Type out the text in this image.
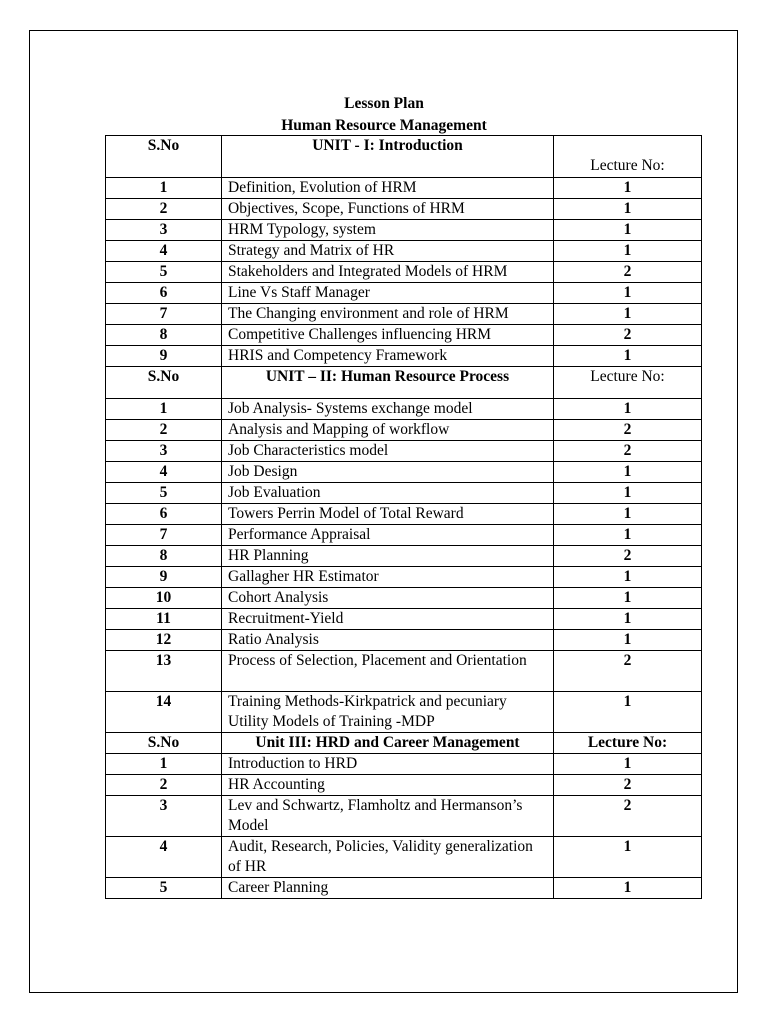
Lesson Plan
Human Resource Management
S.No	UNIT - I: Introduction	Lecture No:
1	Definition, Evolution of HRM	1
2	Objectives, Scope, Functions of HRM	1
3	HRM Typology, system	1
4	Strategy and Matrix of HR	1
5	Stakeholders and Integrated Models of HRM	2
6	Line Vs Staff Manager	1
7	The Changing environment and role of HRM	1
8	Competitive Challenges influencing HRM	2
9	HRIS and Competency Framework	1
S.No	UNIT – II: Human Resource Process	Lecture No:
1	Job Analysis- Systems exchange model	1
2	Analysis and Mapping of workflow	2
3	Job Characteristics model	2
4	Job Design	1
5	Job Evaluation	1
6	Towers Perrin Model of Total Reward	1
7	Performance Appraisal	1
8	HR Planning	2
9	Gallagher HR Estimator	1
10	Cohort Analysis	1
11	Recruitment-Yield	1
12	Ratio Analysis	1
13	Process of Selection, Placement and Orientation	2
14	Training Methods-Kirkpatrick and pecuniary Utility Models of Training -MDP	1
S.No	Unit III: HRD and Career Management	Lecture No:
1	Introduction to HRD	1
2	HR Accounting	2
3	Lev and Schwartz, Flamholtz and Hermanson’s Model	2
4	Audit, Research, Policies, Validity generalization of HR	1
5	Career Planning	1
